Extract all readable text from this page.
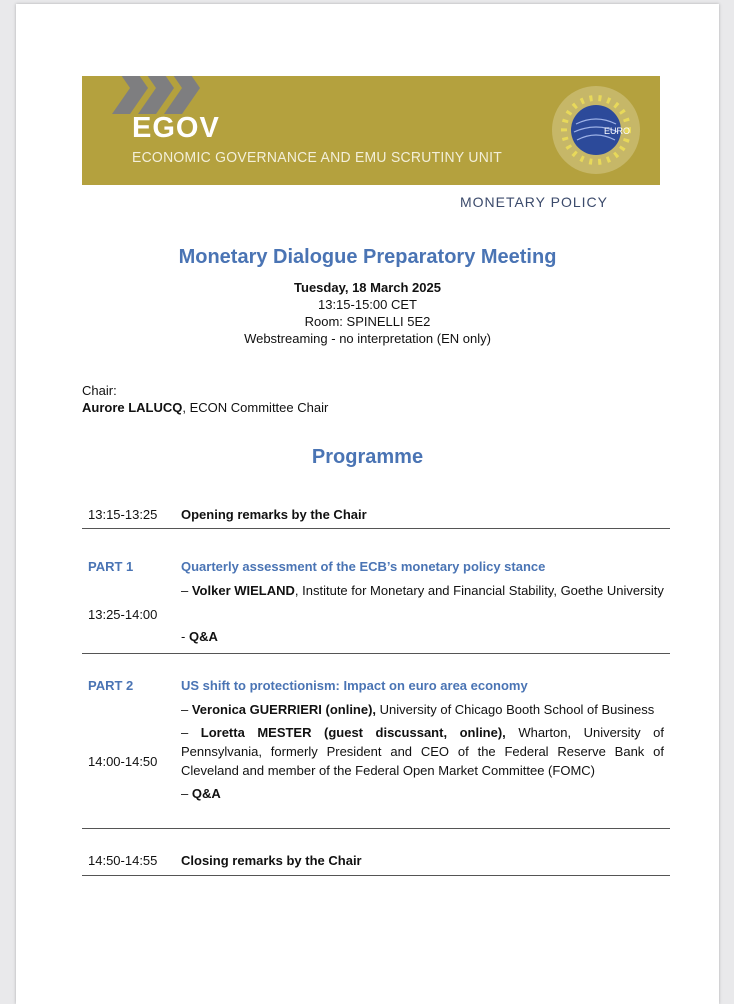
EGOV
ECONOMIC GOVERNANCE AND EMU SCRUTINY UNIT
EURO
MONETARY POLICY
Monetary Dialogue Preparatory Meeting
Tuesday, 18 March 2025
13:15-15:00 CET
Room: SPINELLI 5E2
Webstreaming - no interpretation (EN only)
Chair:
Aurore LALUCQ, ECON Committee Chair
Programme
13:15-13:25 Opening remarks by the Chair
PART 1	Quarterly assessment of the ECB’s monetary policy stance
– Volker WIELAND, Institute for Monetary and Financial Stability, Goethe University
13:25-14:00
- Q&A
PART 2	US shift to protectionism: Impact on euro area economy
– Veronica GUERRIERI (online), University of Chicago Booth School of Business
– Loretta MESTER (guest discussant, online), Wharton, University of Pennsylvania, formerly President and CEO of the Federal Reserve Bank of Cleveland and member of the Federal Open Market Committee (FOMC)
14:00-14:50
– Q&A
14:50-14:55 Closing remarks by the Chair
